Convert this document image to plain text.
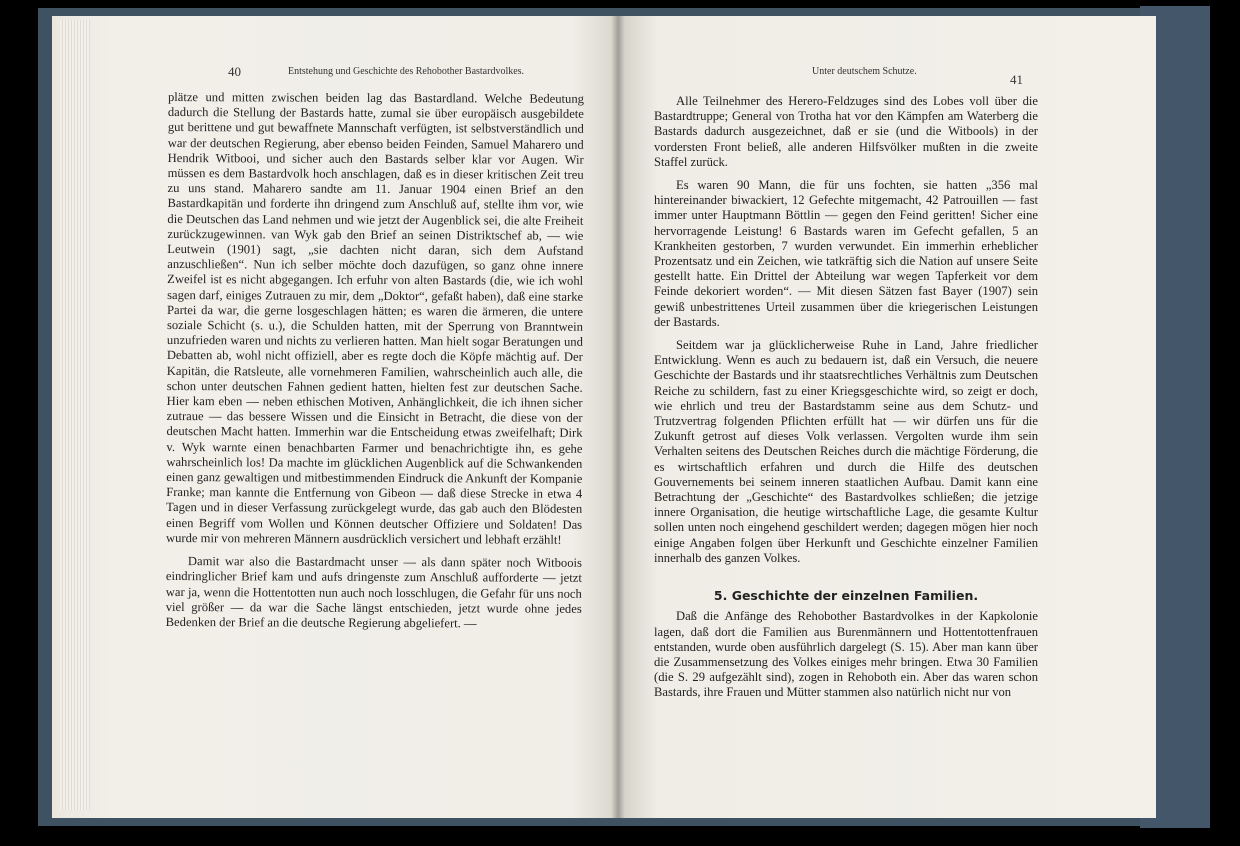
40	Entstehung und Geschichte des Rehobother Bastardvolkes.	Unter deutschem Schutze.
41

plätze und mitten zwischen beiden lag das Bastardland. Welche Bedeutung dadurch die Stellung der Bastards hatte, zumal sie über europäisch ausgebildete gut berittene und gut bewaffnete Mannschaft verfügten, ist selbstverständlich und war der deutschen Regierung, aber ebenso beiden Feinden, Samuel Maharero und Hendrik Witbooi, und sicher auch den Bastards selber klar vor Augen. Wir müssen es dem Bastardvolk hoch anschlagen, daß es in dieser kritischen Zeit treu zu uns stand. Maharero sandte am 11. Januar 1904 einen Brief an den Bastardkapitän und forderte ihn dringend zum Anschluß auf, stellte ihm vor, wie die Deutschen das Land nehmen und wie jetzt der Augenblick sei, die alte Freiheit zurückzugewinnen. van Wyk gab den Brief an seinen Distriktschef ab, — wie Leutwein (1901) sagt, „sie dachten nicht daran, sich dem Aufstand anzuschließen“. Nun ich selber möchte doch dazufügen, so ganz ohne innere Zweifel ist es nicht abgegangen. Ich erfuhr von alten Bastards (die, wie ich wohl sagen darf, einiges Zutrauen zu mir, dem „Doktor“, gefaßt haben), daß eine starke Partei da war, die gerne losgeschlagen hätten; es waren die ärmeren, die untere soziale Schicht (s. u.), die Schulden hatten, mit der Sperrung von Branntwein unzufrieden waren und nichts zu verlieren hatten. Man hielt sogar Beratungen und Debatten ab, wohl nicht offiziell, aber es regte doch die Köpfe mächtig auf. Der Kapitän, die Ratsleute, alle vornehmeren Familien, wahrscheinlich auch alle, die schon unter deutschen Fahnen gedient hatten, hielten fest zur deutschen Sache. Hier kam eben — neben ethischen Motiven, Anhänglichkeit, die ich ihnen sicher zutraue — das bessere Wissen und die Einsicht in Betracht, die diese von der deutschen Macht hatten. Immerhin war die Entscheidung etwas zweifelhaft; Dirk v. Wyk warnte einen benachbarten Farmer und benachrichtigte ihn, es gehe wahrscheinlich los! Da machte im glücklichen Augenblick auf die Schwankenden einen ganz gewaltigen und mitbestimmenden Eindruck die Ankunft der Kompanie Franke; man kannte die Entfernung von Gibeon — daß diese Strecke in etwa 4 Tagen und in dieser Verfassung zurückgelegt wurde, das gab auch den Blödesten einen Begriff vom Wollen und Können deutscher Offiziere und Soldaten! Das wurde mir von mehreren Männern ausdrücklich versichert und lebhaft erzählt!

Damit war also die Bastardmacht unser — als dann später noch Witboois eindringlicher Brief kam und aufs dringenste zum Anschluß aufforderte — jetzt war ja, wenn die Hottentotten nun auch noch losschlugen, die Gefahr für uns noch viel größer — da war die Sache längst entschieden, jetzt wurde ohne jedes Bedenken der Brief an die deutsche Regierung abgeliefert. —

Alle Teilnehmer des Herero-Feldzuges sind des Lobes voll über die Bastardtruppe; General von Trotha hat vor den Kämpfen am Waterberg die Bastards dadurch ausgezeichnet, daß er sie (und die Witbools) in der vordersten Front beließ, alle anderen Hilfsvölker mußten in die zweite Staffel zurück.

Es waren 90 Mann, die für uns fochten, sie hatten „356 mal hintereinander biwackiert, 12 Gefechte mitgemacht, 42 Patrouillen — fast immer unter Hauptmann Böttlin — gegen den Feind geritten! Sicher eine hervorragende Leistung! 6 Bastards waren im Gefecht gefallen, 5 an Krankheiten gestorben, 7 wurden verwundet. Ein immerhin erheblicher Prozentsatz und ein Zeichen, wie tatkräftig sich die Nation auf unsere Seite gestellt hatte. Ein Drittel der Abteilung war wegen Tapferkeit vor dem Feinde dekoriert worden“. — Mit diesen Sätzen fast Bayer (1907) sein gewiß unbestrittenes Urteil zusammen über die kriegerischen Leistungen der Bastards.

Seitdem war ja glücklicherweise Ruhe in Land, Jahre friedlicher Entwicklung. Wenn es auch zu bedauern ist, daß ein Versuch, die neuere Geschichte der Bastards und ihr staatsrechtliches Verhältnis zum Deutschen Reiche zu schildern, fast zu einer Kriegsgeschichte wird, so zeigt er doch, wie ehrlich und treu der Bastardstamm seine aus dem Schutz- und Trutzvertrag folgenden Pflichten erfüllt hat — wir dürfen uns für die Zukunft getrost auf dieses Volk verlassen. Vergolten wurde ihm sein Verhalten seitens des Deutschen Reiches durch die mächtige Förderung, die es wirtschaftlich erfahren und durch die Hilfe des deutschen Gouvernements bei seinem inneren staatlichen Aufbau. Damit kann eine Betrachtung der „Geschichte“ des Bastardvolkes schließen; die jetzige innere Organisation, die heutige wirtschaftliche Lage, die gesamte Kultur sollen unten noch eingehend geschildert werden; dagegen mögen hier noch einige Angaben folgen über Herkunft und Geschichte einzelner Familien innerhalb des ganzen Volkes.

5. Geschichte der einzelnen Familien.

Daß die Anfänge des Rehobother Bastardvolkes in der Kapkolonie lagen, daß dort die Familien aus Burenmännern und Hottentottenfrauen entstanden, wurde oben ausführlich dargelegt (S. 15). Aber man kann über die Zusammensetzung des Volkes einiges mehr bringen. Etwa 30 Familien (die S. 29 aufgezählt sind), zogen in Rehoboth ein. Aber das waren schon Bastards, ihre Frauen und Mütter stammen also natürlich nicht nur von
